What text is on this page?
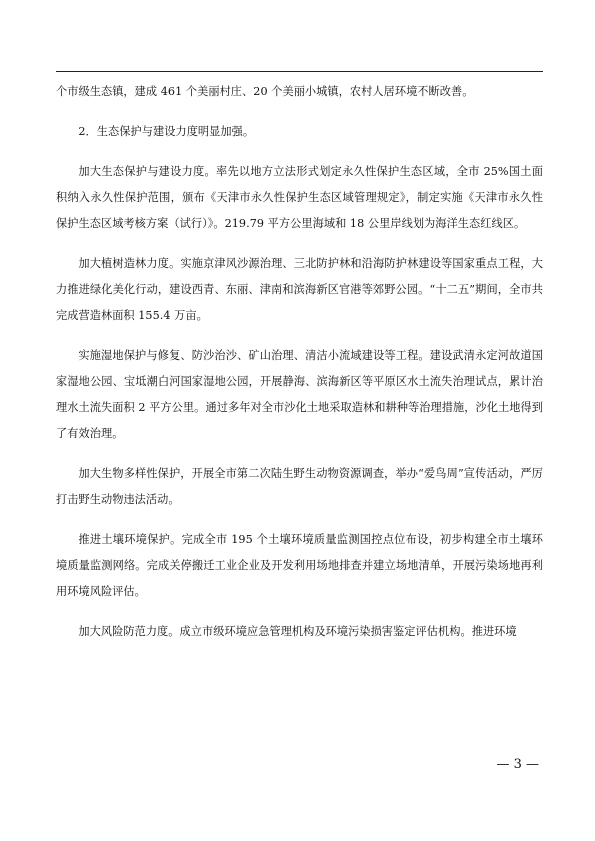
个市级生态镇，建成 461 个美丽村庄、20 个美丽小城镇，农村人居环境不断改善。

2．生态保护与建设力度明显加强。

加大生态保护与建设力度。率先以地方立法形式划定永久性保护生态区域，全市 25%国土面积纳入永久性保护范围，颁布《天津市永久性保护生态区域管理规定》，制定实施《天津市永久性保护生态区域考核方案（试行）》。219.79 平方公里海域和 18 公里岸线划为海洋生态红线区。

加大植树造林力度。实施京津风沙源治理、三北防护林和沿海防护林建设等国家重点工程，大力推进绿化美化行动，建设西青、东丽、津南和滨海新区官港等郊野公园。“十二五”期间，全市共完成营造林面积 155.4 万亩。

实施湿地保护与修复、防沙治沙、矿山治理、清洁小流域建设等工程。建设武清永定河故道国家湿地公园、宝坻潮白河国家湿地公园，开展静海、滨海新区等平原区水土流失治理试点，累计治理水土流失面积 2 平方公里。通过多年对全市沙化土地采取造林和耕种等治理措施，沙化土地得到了有效治理。

加大生物多样性保护，开展全市第二次陆生野生动物资源调查，举办“爱鸟周”宣传活动，严厉打击野生动物违法活动。

推进土壤环境保护。完成全市 195 个土壤环境质量监测国控点位布设，初步构建全市土壤环境质量监测网络。完成关停搬迁工业企业及开发利用场地排查并建立场地清单，开展污染场地再利用环境风险评估。

加大风险防范力度。成立市级环境应急管理机构及环境污染损害鉴定评估机构。推进环境

— 3 —
